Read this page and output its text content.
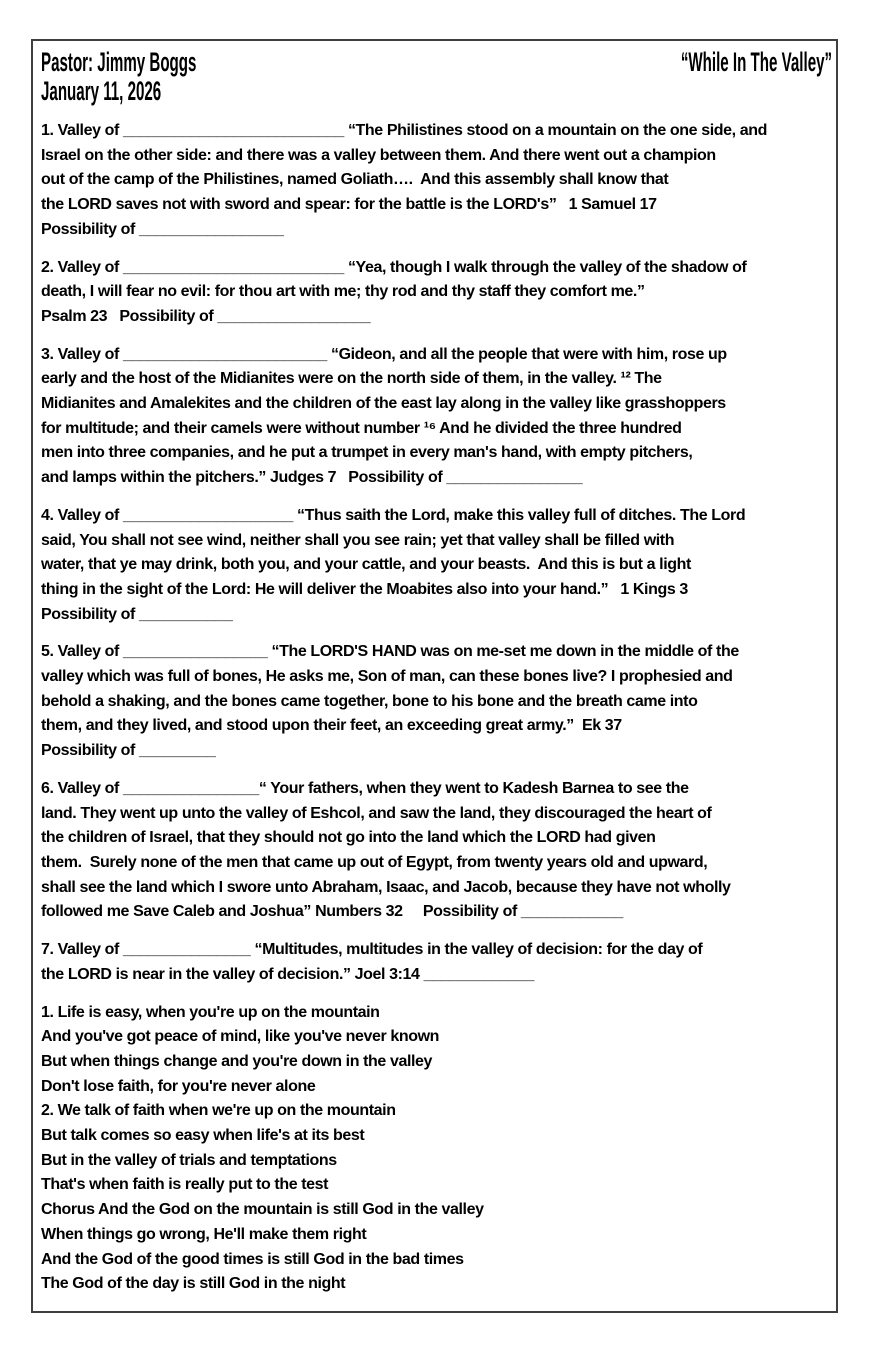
Pastor: Jimmy Boggs
January 11, 2026
“While In The Valley”
1. Valley of __________________________ “The Philistines stood on a mountain on the one side, and
Israel on the other side: and there was a valley between them. And there went out a champion
out of the camp of the Philistines, named Goliath….  And this assembly shall know that
the LORD saves not with sword and spear: for the battle is the LORD's”   1 Samuel 17
Possibility of _________________
2. Valley of __________________________ “Yea, though I walk through the valley of the shadow of
death, I will fear no evil: for thou art with me; thy rod and thy staff they comfort me.”
Psalm 23   Possibility of __________________
3. Valley of ________________________ “Gideon, and all the people that were with him, rose up
early and the host of the Midianites were on the north side of them, in the valley. ¹² The
Midianites and Amalekites and the children of the east lay along in the valley like grasshoppers
for multitude; and their camels were without number ¹⁶ And he divided the three hundred
men into three companies, and he put a trumpet in every man's hand, with empty pitchers,
and lamps within the pitchers.” Judges 7   Possibility of ________________
4. Valley of ____________________ “Thus saith the Lord, make this valley full of ditches. The Lord
said, You shall not see wind, neither shall you see rain; yet that valley shall be filled with
water, that ye may drink, both you, and your cattle, and your beasts.  And this is but a light
thing in the sight of the Lord: He will deliver the Moabites also into your hand.”   1 Kings 3
Possibility of ___________
5. Valley of _________________ “The LORD'S HAND was on me-set me down in the middle of the
valley which was full of bones, He asks me, Son of man, can these bones live? I prophesied and
behold a shaking, and the bones came together, bone to his bone and the breath came into
them, and they lived, and stood upon their feet, an exceeding great army.”  Ek 37
Possibility of _________
6. Valley of ________________“ Your fathers, when they went to Kadesh Barnea to see the
land. They went up unto the valley of Eshcol, and saw the land, they discouraged the heart of
the children of Israel, that they should not go into the land which the LORD had given
them.  Surely none of the men that came up out of Egypt, from twenty years old and upward,
shall see the land which I swore unto Abraham, Isaac, and Jacob, because they have not wholly
followed me Save Caleb and Joshua” Numbers 32     Possibility of ____________
7. Valley of _______________ “Multitudes, multitudes in the valley of decision: for the day of
the LORD is near in the valley of decision.” Joel 3:14 _____________
1. Life is easy, when you're up on the mountain
And you've got peace of mind, like you've never known
But when things change and you're down in the valley
Don't lose faith, for you're never alone
2. We talk of faith when we're up on the mountain
But talk comes so easy when life's at its best
But in the valley of trials and temptations
That's when faith is really put to the test
Chorus And the God on the mountain is still God in the valley
When things go wrong, He'll make them right
And the God of the good times is still God in the bad times
The God of the day is still God in the night
